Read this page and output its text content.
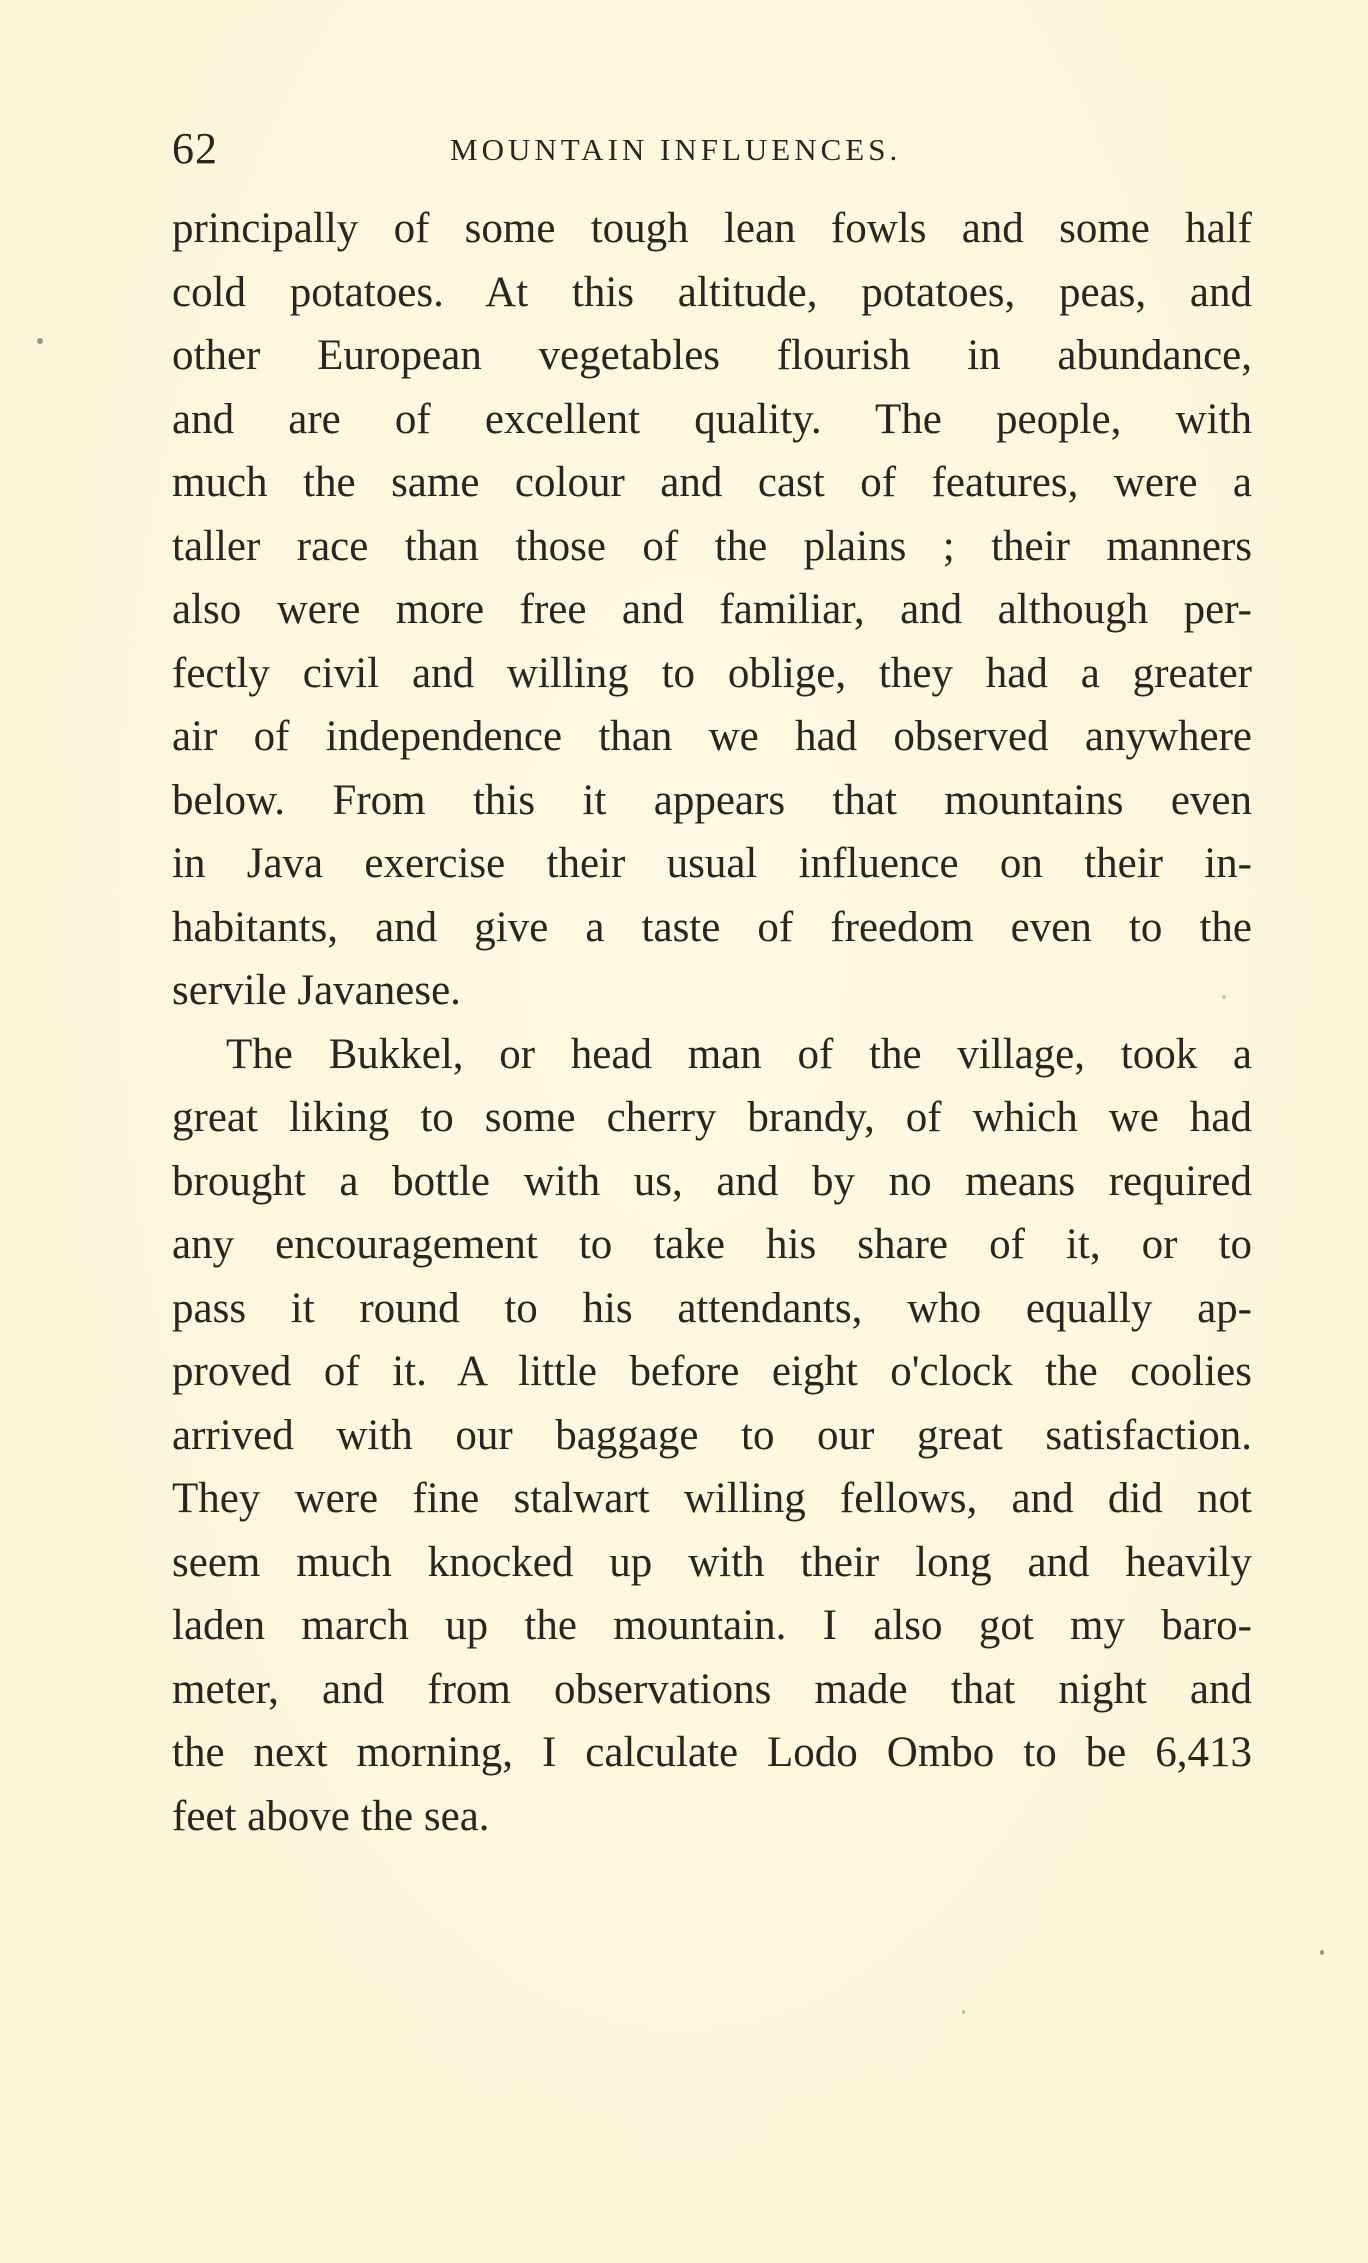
62	MOUNTAIN INFLUENCES.
principally of some tough lean fowls and some half
cold potatoes. At this altitude, potatoes, peas, and
other European vegetables flourish in abundance,
and are of excellent quality. The people, with
much the same colour and cast of features, were a
taller race than those of the plains ; their manners
also were more free and familiar, and although per-
fectly civil and willing to oblige, they had a greater
air of independence than we had observed anywhere
below. From this it appears that mountains even
in Java exercise their usual influence on their in-
habitants, and give a taste of freedom even to the
servile Javanese.
The Bukkel, or head man of the village, took a
great liking to some cherry brandy, of which we had
brought a bottle with us, and by no means required
any encouragement to take his share of it, or to
pass it round to his attendants, who equally ap-
proved of it. A little before eight o'clock the coolies
arrived with our baggage to our great satisfaction.
They were fine stalwart willing fellows, and did not
seem much knocked up with their long and heavily
laden march up the mountain. I also got my baro-
meter, and from observations made that night and
the next morning, I calculate Lodo Ombo to be 6,413
feet above the sea.
